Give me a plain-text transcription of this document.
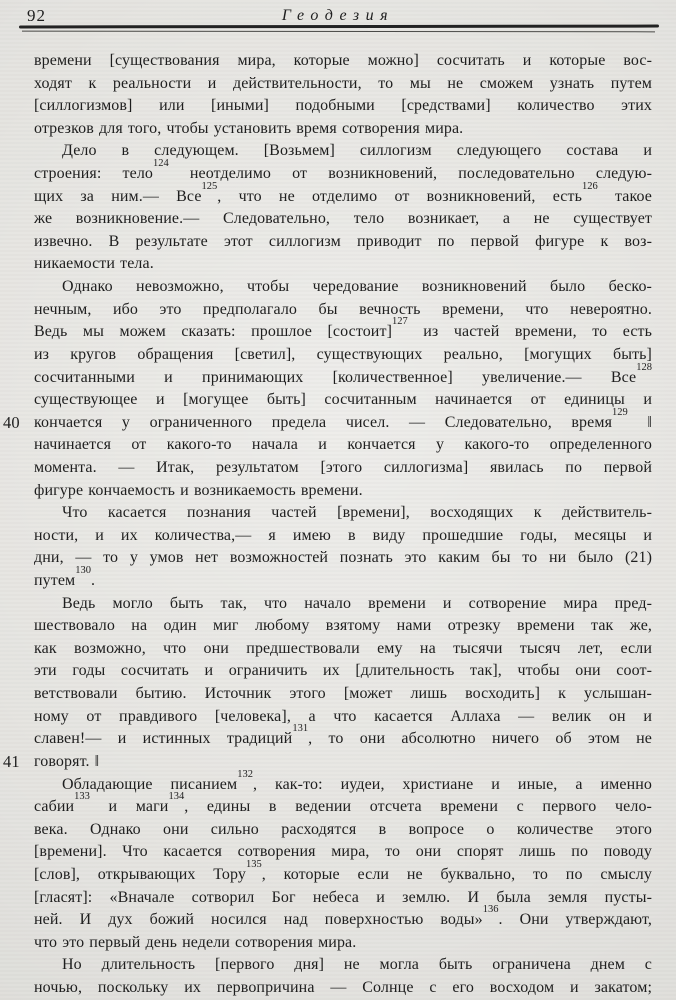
92	Геодезия
времени [существования мира, которые можно] сосчитать и которые вос-
ходят к реальности и действительности, то мы не сможем узнать путем
[силлогизмов] или [иными] подобными [средствами] количество этих
отрезков для того, чтобы установить время сотворения мира.
Дело в следующем. [Возьмем] силлогизм следующего состава и
строения: тело$^{124}$ неотделимо от возникновений, последовательно следую-
щих за ним.— Все$^{125}$, что не отделимо от возникновений, есть$^{126}$ такое
же возникновение.— Следовательно, тело возникает, а не существует
извечно. В результате этот силлогизм приводит по первой фигуре к воз-
никаемости тела.
Однако невозможно, чтобы чередование возникновений было беско-
нечным, ибо это предполагало бы вечность времени, что невероятно.
Ведь мы можем сказать: прошлое [состоит]$^{127}$ из частей времени, то есть
из кругов обращения [светил], существующих реально, [могущих быть]
сосчитанными и принимающих [количественное] увеличение.— Все$^{128}$
существующее и [могущее быть] сосчитанным начинается от единицы и
40 кончается у ограниченного предела чисел. — Следовательно, время$^{129}$ ‖
начинается от какого-то начала и кончается у какого-то определенного
момента. — Итак, результатом [этого силлогизма] явилась по первой
фигуре кончаемость и возникаемость времени.
Что касается познания частей [времени], восходящих к действитель-
ности, и их количества,— я имею в виду прошедшие годы, месяцы и
дни, — то у умов нет возможностей познать это каким бы то ни было (21)
путем$^{130}$.
Ведь могло быть так, что начало времени и сотворение мира пред-
шествовало на один миг любому взятому нами отрезку времени так же,
как возможно, что они предшествовали ему на тысячи тысяч лет, если
эти годы сосчитать и ограничить их [длительность так], чтобы они соот-
ветствовали бытию. Источник этого [может лишь восходить] к услышан-
ному от правдивого [человека], а что касается Аллаха — велик он и
славен!— и истинных традиций$^{131}$, то они абсолютно ничего об этом не
41 говорят. ‖
Обладающие писанием$^{132}$, как-то: иудеи, христиане и иные, а именно
сабии$^{133}$ и маги$^{134}$, едины в ведении отсчета времени с первого чело-
века. Однако они сильно расходятся в вопросе о количестве этого
[времени]. Что касается сотворения мира, то они спорят лишь по поводу
[слов], открывающих Тору$^{135}$, которые если не буквально, то по смыслу
[гласят]: «Вначале сотворил Бог небеса и землю. И была земля пусты-
ней. И дух божий носился над поверхностью воды»$^{136}$. Они утверждают,
что это первый день недели сотворения мира.
Но длительность [первого дня] не могла быть ограничена днем с
ночью, поскольку их первопричина — Солнце с его восходом и закатом;
